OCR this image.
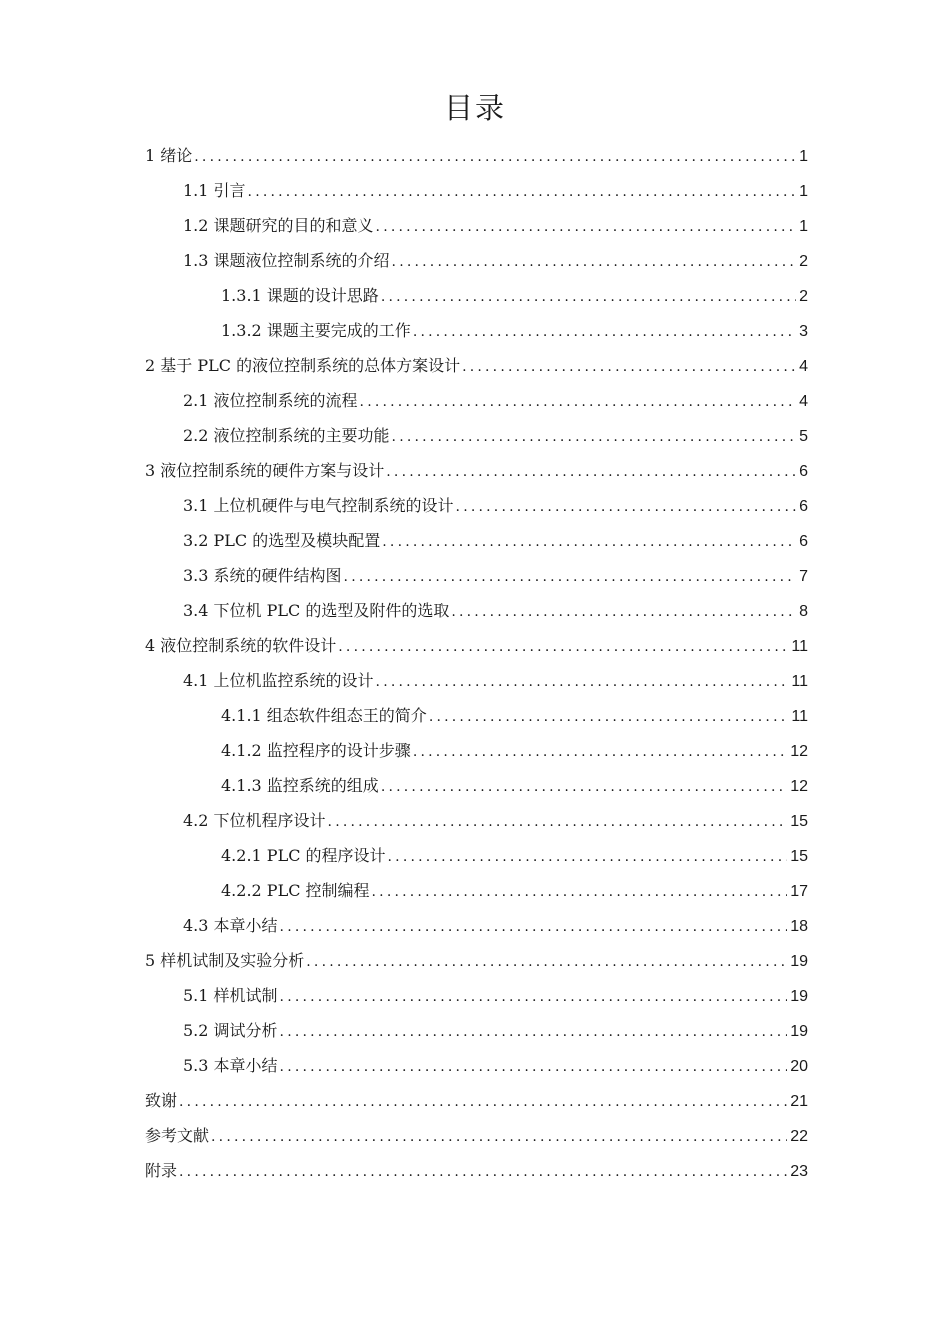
目录
1 绪论 .....	1
1.1 引言 .....	1
1.2 课题研究的目的和意义 .....	1
1.3 课题液位控制系统的介绍 .....	2
1.3.1 课题的设计思路 .....	2
1.3.2 课题主要完成的工作 .....	3
2 基于 PLC 的液位控制系统的总体方案设计 .....	4
2.1 液位控制系统的流程 .....	4
2.2 液位控制系统的主要功能 .....	5
3 液位控制系统的硬件方案与设计 .....	6
3.1 上位机硬件与电气控制系统的设计 .....	6
3.2 PLC 的选型及模块配置 .....	6
3.3 系统的硬件结构图 .....	7
3.4 下位机 PLC 的选型及附件的选取 .....	8
4 液位控制系统的软件设计 .....	11
4.1 上位机监控系统的设计 .....	11
4.1.1 组态软件组态王的简介 .....	11
4.1.2 监控程序的设计步骤 .....	12
4.1.3 监控系统的组成 .....	12
4.2 下位机程序设计 .....	15
4.2.1 PLC 的程序设计 .....	15
4.2.2 PLC 控制编程 .....	17
4.3 本章小结 .....	18
5 样机试制及实验分析 .....	19
5.1 样机试制 .....	19
5.2 调试分析 .....	19
5.3 本章小结 .....	20
致谢 .....	21
参考文献 .....	22
附录 .....	23
